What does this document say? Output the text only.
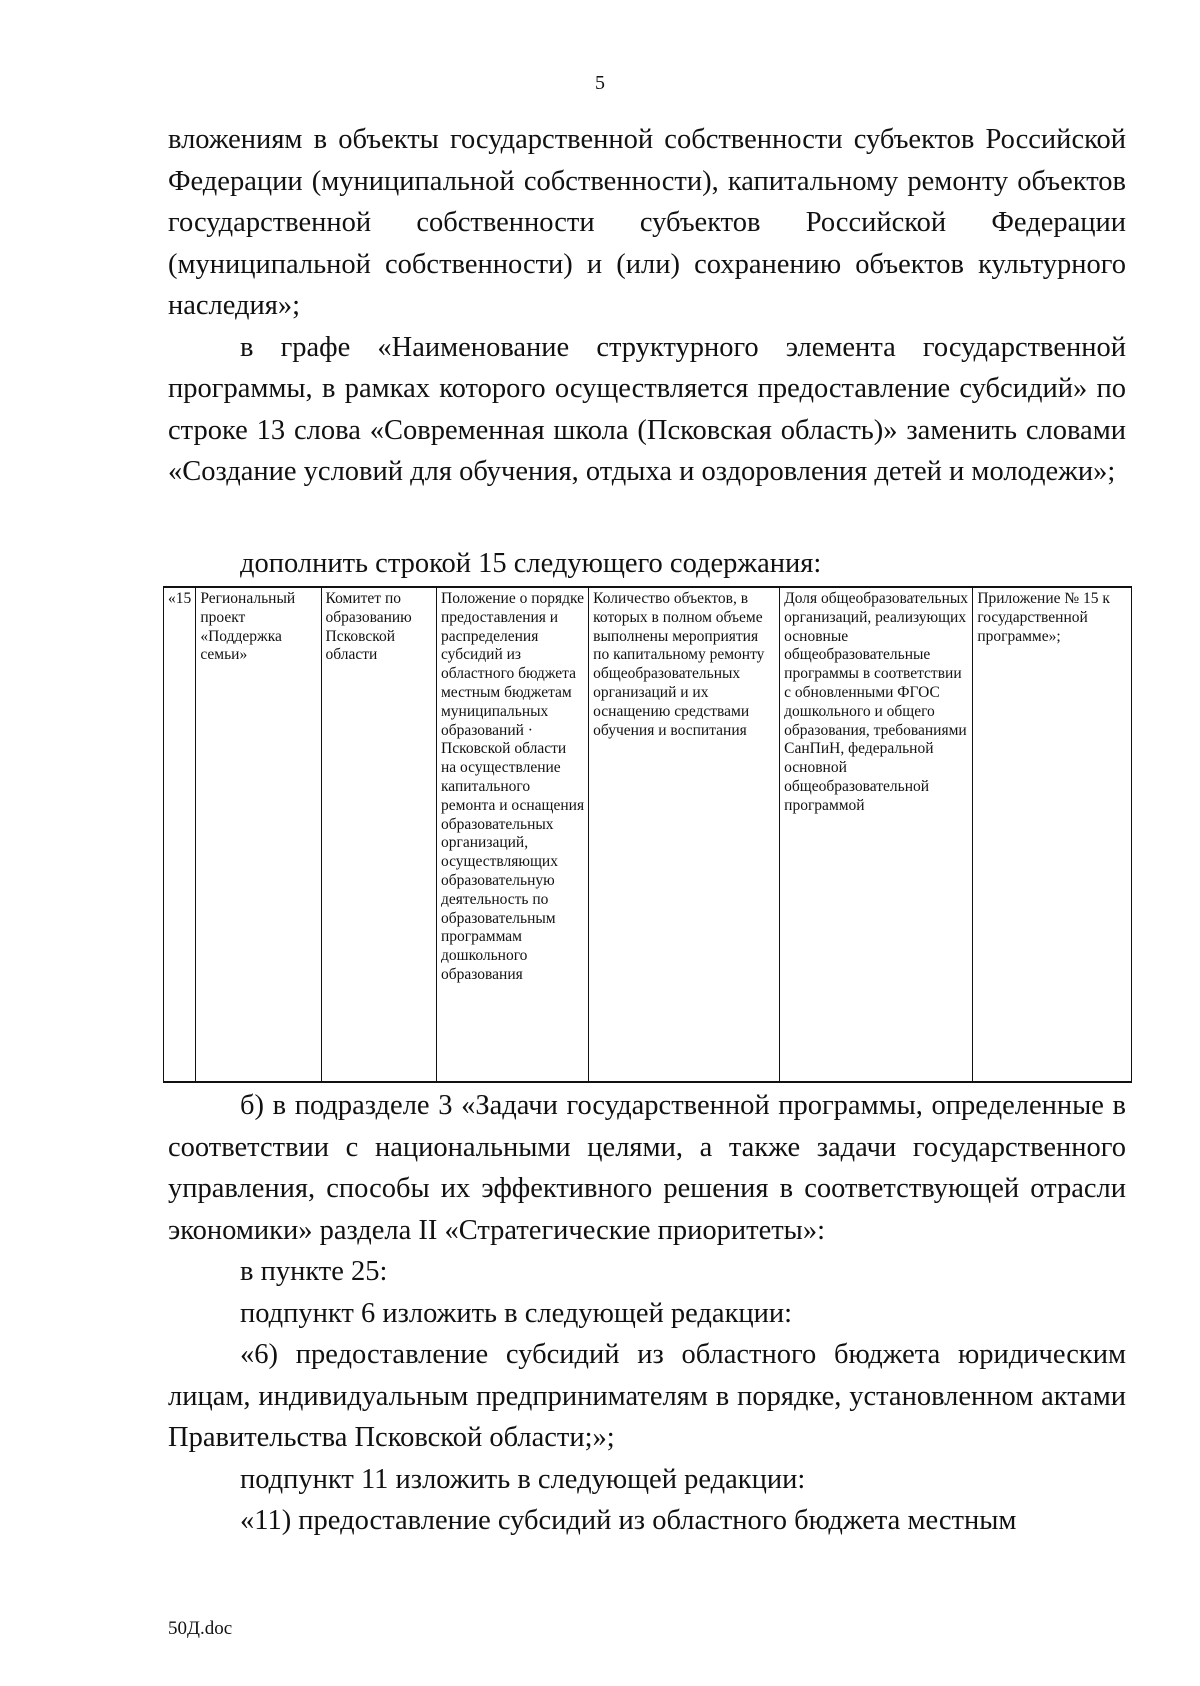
5

вложениям в объекты государственной собственности субъектов Российской Федерации (муниципальной собственности), капитальному ремонту объектов государственной собственности субъектов Российской Федерации (муниципальной собственности) и (или) сохранению объектов культурного наследия»;

в графе «Наименование структурного элемента государственной программы, в рамках которого осуществляется предоставление субсидий» по строке 13 слова «Современная школа (Псковская область)» заменить словами «Создание условий для обучения, отдыха и оздоровления детей и молодежи»;

дополнить строкой 15 следующего содержания:
«15	Региональный проект «Поддержка семьи»	Комитет по образованию Псковской области	Положение о порядке предоставления и распределения субсидий из областного бюджета местным бюджетам муниципальных образований · Псковской области на осуществление капитального ремонта и оснащения образовательных организаций, осуществляющих образовательную деятельность по образовательным программам дошкольного образования	Количество объектов, в которых в полном объеме выполнены мероприятия по капитальному ремонту общеобразовательных организаций и их оснащению средствами обучения и воспитания	Доля общеобразовательных организаций, реализующих основные общеобразовательные программы в соответствии с обновленными ФГОС дошкольного и общего образования, требованиями СанПиН, федеральной основной общеобразовательной программой	Приложение № 15 к государственной программе»;

б) в подразделе 3 «Задачи государственной программы, определенные в соответствии с национальными целями, а также задачи государственного управления, способы их эффективного решения в соответствующей отрасли экономики» раздела II «Стратегические приоритеты»:

в пункте 25:

подпункт 6 изложить в следующей редакции:

«6) предоставление субсидий из областного бюджета юридическим лицам, индивидуальным предпринимателям в порядке, установленном актами Правительства Псковской области;»;

подпункт 11 изложить в следующей редакции:

«11) предоставление субсидий из областного бюджета местным

50Д.doc
